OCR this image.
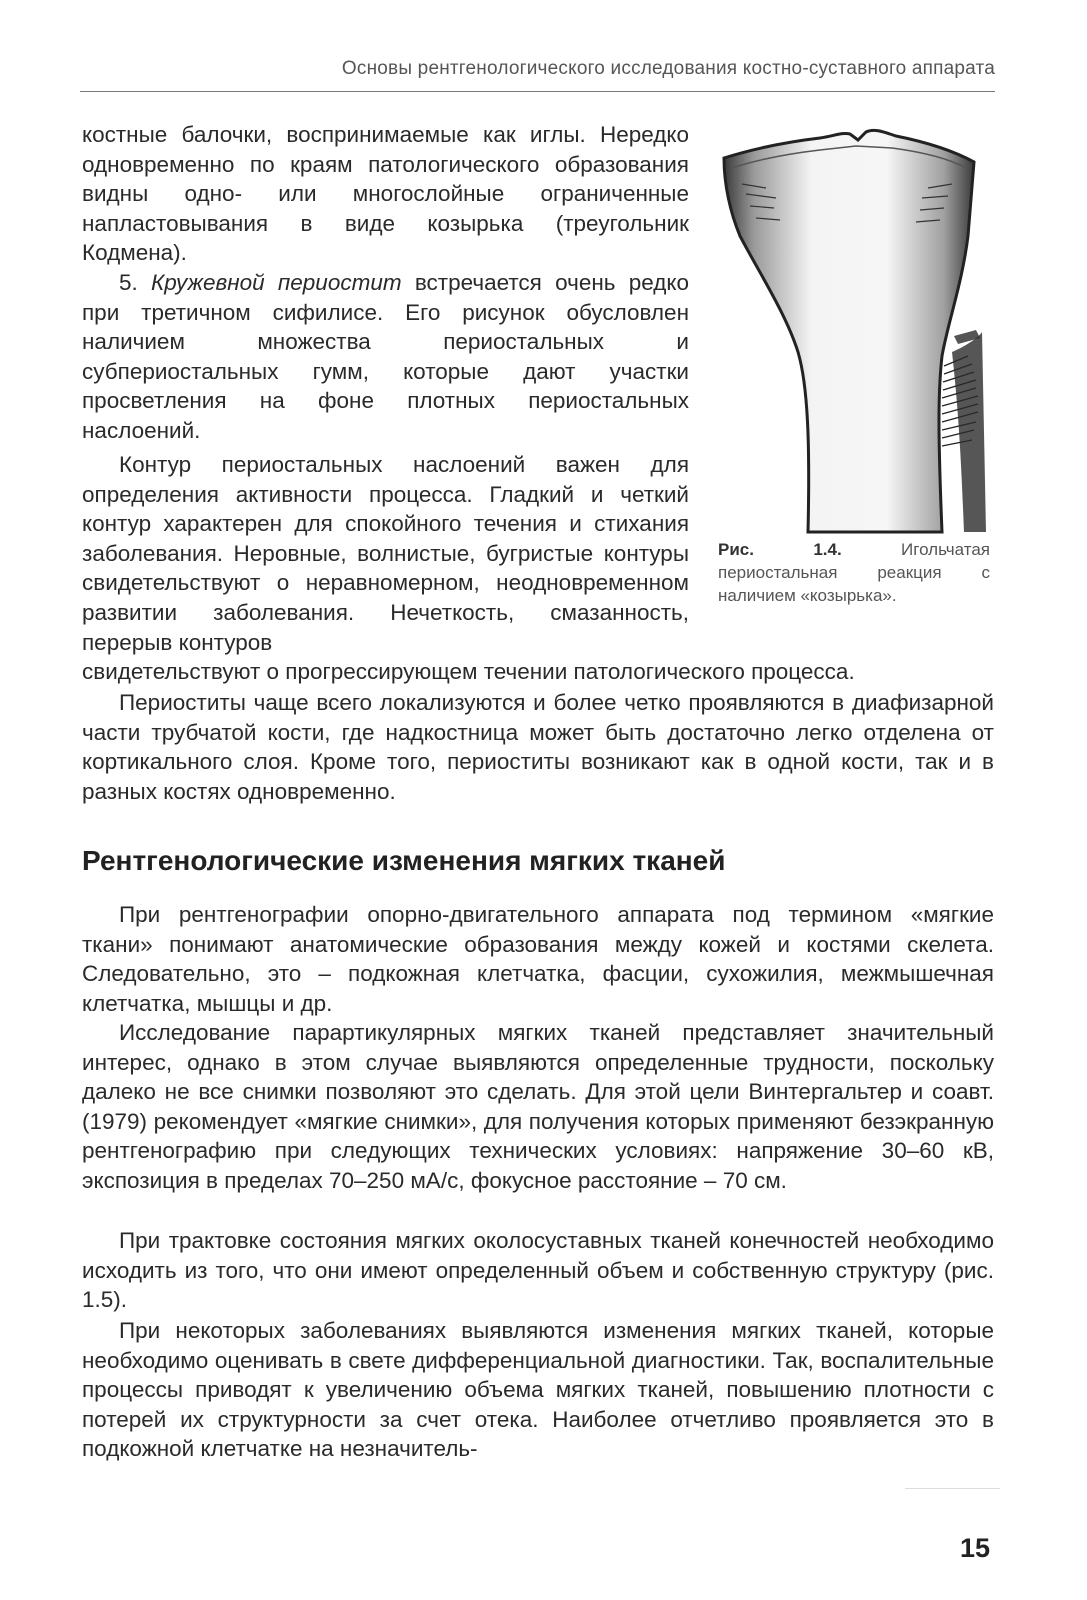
Основы рентгенологического исследования костно-суставного аппарата

костные балочки, воспринимаемые как иглы. Нередко одновременно по краям патологического образования видны одно- или многослойные ограниченные напластовывания в виде козырька (треугольник Кодмена).

5. Кружевной периостит встречается очень редко при третичном сифилисе. Его рисунок обусловлен наличием множества периостальных и субпериостальных гумм, которые дают участки просветления на фоне плотных периостальных наслоений.

Контур периостальных наслоений важен для определения активности процесса. Гладкий и четкий контур характерен для спокойного течения и стихания заболевания. Неровные, волнистые, бугристые контуры свидетельствуют о неравномерном, неодновременном развитии заболевания. Нечеткость, смазанность, перерыв контуров

свидетельствуют о прогрессирующем течении патологического процесса.

Периоститы чаще всего локализуются и более четко проявляются в диафизарной части трубчатой кости, где надкостница может быть достаточно легко отделена от кортикального слоя. Кроме того, периоститы возникают как в одной кости, так и в разных костях одновременно.

Рис. 1.4.	Игольчатая периостальная реакция с наличием «козырька».
Рентгенологические изменения мягких тканей

При рентгенографии опорно-двигательного аппарата под термином «мягкие ткани» понимают анатомические образования между кожей и костями скелета. Следовательно, это – подкожная клетчатка, фасции, сухожилия, межмышечная клетчатка, мышцы и др.

Исследование парартикулярных мягких тканей представляет значительный интерес, однако в этом случае выявляются определенные трудности, поскольку далеко не все снимки позволяют это сделать. Для этой цели Винтергальтер и соавт. (1979) рекомендует «мягкие снимки», для получения которых применяют безэкранную рентгенографию при следующих технических условиях: напряжение 30–60 кВ, экспозиция в пределах 70–250 мА/с, фокусное расстояние – 70 см.

При трактовке состояния мягких околосуставных тканей конечностей необходимо исходить из того, что они имеют определенный объем и собственную структуру (рис. 1.5).

При некоторых заболеваниях выявляются изменения мягких тканей, которые необходимо оценивать в свете дифференциальной диагностики. Так, воспалительные процессы приводят к увеличению объема мягких тканей, повышению плотности с потерей их структурности за счет отека. Наиболее отчетливо проявляется это в подкожной клетчатке на незначитель-

15
